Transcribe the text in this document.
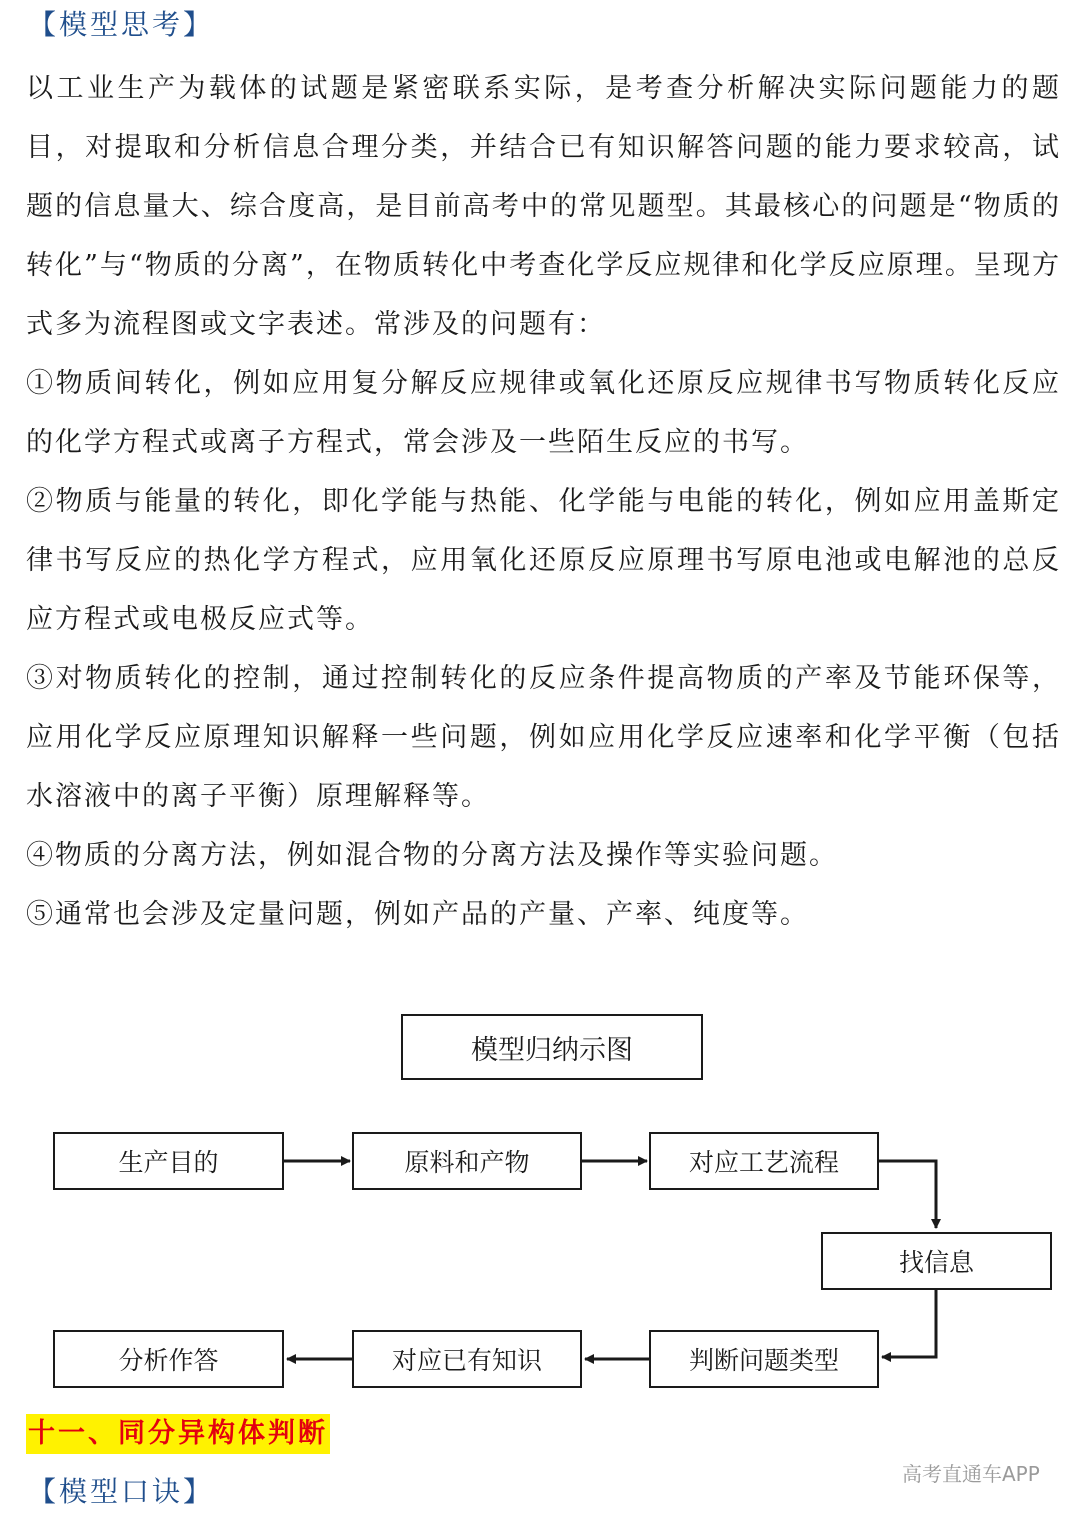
【模型思考】

以工业生产为载体的试题是紧密联系实际，是考查分析解决实际问题能力的题目，对提取和分析信息合理分类，并结合已有知识解答问题的能力要求较高，试题的信息量大、综合度高，是目前高考中的常见题型。其最核心的问题是“物质的转化”与“物质的分离”，在物质转化中考查化学反应规律和化学反应原理。呈现方式多为流程图或文字表述。常涉及的问题有：

①物质间转化，例如应用复分解反应规律或氧化还原反应规律书写物质转化反应的化学方程式或离子方程式，常会涉及一些陌生反应的书写。

②物质与能量的转化，即化学能与热能、化学能与电能的转化，例如应用盖斯定律书写反应的热化学方程式，应用氧化还原反应原理书写原电池或电解池的总反应方程式或电极反应式等。

③对物质转化的控制，通过控制转化的反应条件提高物质的产率及节能环保等，应用化学反应原理知识解释一些问题，例如应用化学反应速率和化学平衡（包括水溶液中的离子平衡）原理解释等。

④物质的分离方法，例如混合物的分离方法及操作等实验问题。

⑤通常也会涉及定量问题，例如产品的产量、产率、纯度等。

模型归纳示图
生产目的	原料和产物	对应工艺流程
找信息
分析作答	对应已有知识	判断问题类型
十一、同分异构体判断
【模型口诀】
高考直通车APP
